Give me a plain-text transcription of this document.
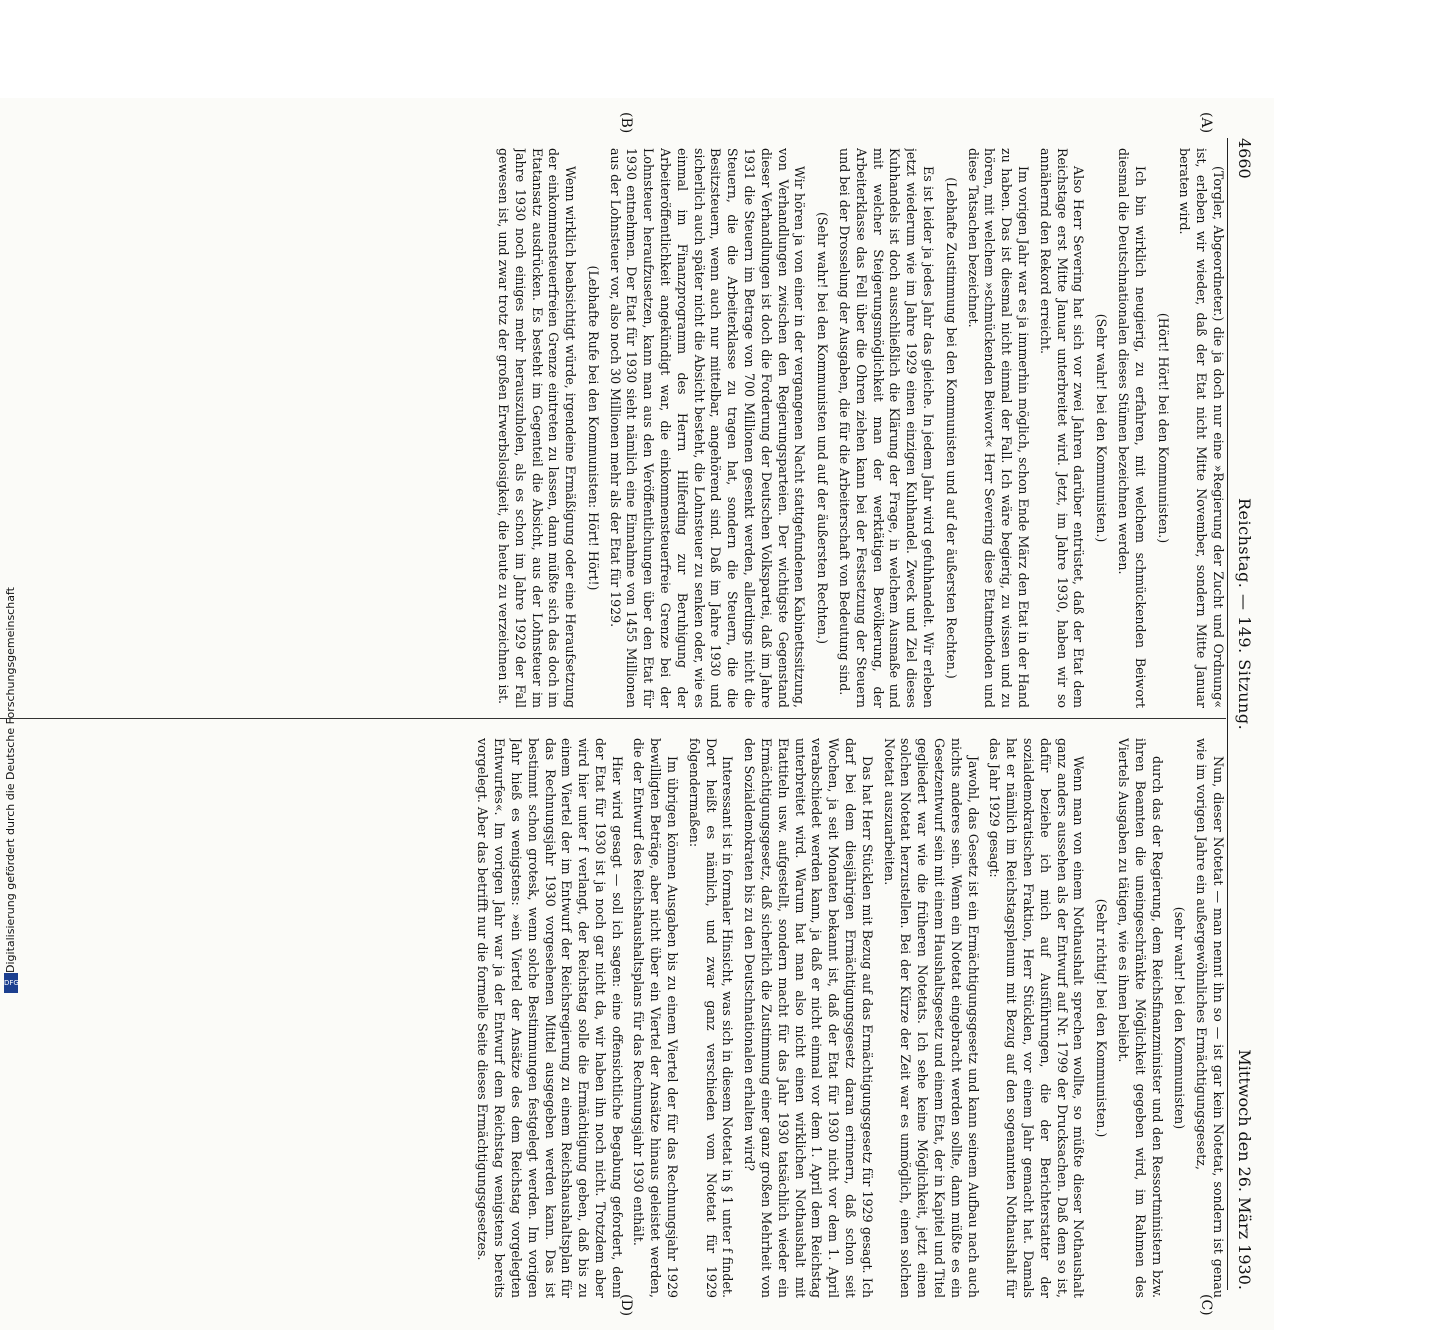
4660
Reichstag. — 149. Sitzung.
Mittwoch den 26. März 1930.
(A)
(B)
(C)
(D)

(Torgler, Abgeordneter.) die ja doch nur eine »Regierung der Zucht und Ordnung« ist, erleben wir wieder, daß der Etat nicht Mitte November, sondern Mitte Januar beraten wird.

(Hört! Hört! bei den Kommunisten.)

Ich bin wirklich neugierig, zu erfahren, mit welchem schmückenden Beiwort diesmal die Deutschnationalen dieses Stümen bezeichnen werden.

(Sehr wahr! bei den Kommunisten.)

Also Herr Severing hat sich vor zwei Jahren darüber entrüstet, daß der Etat dem Reichstage erst Mitte Januar unterbreitet wird. Jetzt, im Jahre 1930, haben wir so annähernd den Rekord erreicht.

Im vorigen Jahr war es ja immerhin möglich, schon Ende März den Etat in der Hand zu haben. Das ist diesmal nicht einmal der Fall. Ich wäre begierig, zu wissen und zu hören, mit welchem »schmückenden Beiwort« Herr Severing diese Etatmethoden und diese Tatsachen bezeichnet.

(Lebhafte Zustimmung bei den Kommunisten und auf der äußersten Rechten.)

Es ist leider ja jedes Jahr das gleiche. In jedem Jahr wird gefuhhandelt. Wir erleben jetzt wiederum wie im Jahre 1929 einen einzigen Kuhhandel. Zweck und Ziel dieses Kuhhandels ist doch ausschließlich die Klärung der Frage, in welchem Ausmaße und mit welcher Steigerungsmöglichkeit man der werktätigen Bevölkerung, der Arbeiterklasse das Fell über die Ohren ziehen kann bei der Festsetzung der Steuern und bei der Drosselung der Ausgaben, die für die Arbeiterschaft von Bedeutung sind.

(Sehr wahr! bei den Kommunisten und auf der äußersten Rechten.)

Wir hören ja von einer in der vergangenen Nacht stattgefundenen Kabinettssitzung, von Verhandlungen zwischen den Regierungsparteien. Der wichtigste Gegenstand dieser Verhandlungen ist doch die Forderung der Deutschen Volkspartei, daß im Jahre 1931 die Steuern im Betrage von 700 Millionen gesenkt werden, allerdings nicht die Steuern, die die Arbeiterklasse zu tragen hat, sondern die Steuern, die die Besitzsteuern, wenn auch nur mittelbar, angehörend sind. Daß im Jahre 1930 und sicherlich auch später nicht die Absicht besteht, die Lohnsteuer zu senken oder, wie es einmal im Finanzprogramm des Herrn Hilferding zur Beruhigung der Arbeiteröffentlichkeit angekündigt war, die einkommensteuerfreie Grenze bei der Lohnsteuer heraufzusetzen, kann man aus den Veröffentlichungen über den Etat für 1930 entnehmen. Der Etat für 1930 sieht nämlich eine Einnahme von 1455 Millionen aus der Lohnsteuer vor, also noch 30 Millionen mehr als der Etat für 1929.

(Lebhafte Rufe bei den Kommunisten: Hört! Hört!)

Wenn wirklich beabsichtigt würde, irgendeine Ermäßigung oder eine Heraufsetzung der einkommensteuerfreien Grenze eintreten zu lassen, dann müßte sich das doch im Etatansatz ausdrücken. Es besteht im Gegenteil die Absicht, aus der Lohnsteuer im Jahre 1930 noch einiges mehr herauszuholen, als es schon im Jahre 1929 der Fall gewesen ist, und zwar trotz der großen Erwerbslosigkeit, die heute zu verzeichnen ist.

Nun, dieser Notetat — man nennt ihn so — ist gar kein Notetat, sondern ist genau wie im vorigen Jahre ein außergewöhnliches Ermächtigungsgesetz,

(sehr wahr! bei den Kommunisten)

durch das der Regierung, dem Reichsfinanzminister und den Ressortministern bzw. ihren Beamten die uneingeschränkte Möglichkeit gegeben wird, im Rahmen des Viertels Ausgaben zu tätigen, wie es ihnen beliebt.

(Sehr richtig! bei den Kommunisten.)

Wenn man von einem Nothaushalt sprechen wollte, so müßte dieser Nothaushalt ganz anders aussehen als der Entwurf auf Nr. 1799 der Drucksachen. Daß dem so ist, dafür beziehe ich mich auf Ausführungen, die der Berichterstatter der sozialdemokratischen Fraktion, Herr Stücklen, vor einem Jahr gemacht hat. Damals hat er nämlich im Reichstagsplenum mit Bezug auf den sogenannten Nothaushalt für das Jahr 1929 gesagt:

Jawohl, das Gesetz ist ein Ermächtigungsgesetz und kann seinem Aufbau nach auch nichts anderes sein. Wenn ein Notetat eingebracht werden sollte, dann müßte es ein Gesetzentwurf sein mit einem Haushaltsgesetz und einem Etat, der in Kapitel und Titel gegliedert war wie die früheren Notetats. Ich sehe keine Möglichkeit, jetzt einen solchen Notetat herzustellen. Bei der Kürze der Zeit war es unmöglich, einen solchen Notetat auszuarbeiten.

Das hat Herr Stücklen mit Bezug auf das Ermächtigungsgesetz für 1929 gesagt. Ich darf bei dem diesjährigen Ermächtigungsgesetz daran erinnern, daß schon seit Wochen, ja seit Monaten bekannt ist, daß der Etat für 1930 nicht vor dem 1. April verabschiedet werden kann, ja daß er nicht einmal vor dem 1. April dem Reichstag unterbreitet wird. Warum hat man also nicht einen wirklichen Nothaushalt mit Etattiteln usw. aufgestellt, sondern macht für das Jahr 1930 tatsächlich wieder ein Ermächtigungsgesetz, daß sicherlich die Zustimmung einer ganz großen Mehrheit von den Sozialdemokraten bis zu den Deutschnationalen erhalten wird?

Interessant ist in formaler Hinsicht, was sich in diesem Notetat in § 1 unter f findet. Dort heißt es nämlich, und zwar ganz verschieden vom Notetat für 1929 folgendermaßen:

Im übrigen können Ausgaben bis zu einem Viertel der für das Rechnungsjahr 1929 bewilligten Beträge, aber nicht über ein Viertel der Ansätze hinaus geleistet werden, die der Entwurf des Reichshaushaltsplans für das Rechnungsjahr 1930 enthält.

Hier wird gesagt — soll ich sagen: eine offensichtliche Begabung gefordert, denn der Etat für 1930 ist ja noch gar nicht da, wir haben ihn noch nicht. Trotzdem aber wird hier unter f verlangt, der Reichstag solle die Ermächtigung geben, daß bis zu einem Viertel der im Entwurf der Reichsregierung zu einem Reichshaushaltsplan für das Rechnungsjahr 1930 vorgesehenen Mittel ausgegeben werden kann. Das ist bestimmt schon grotesk, wenn solche Bestimmungen festgelegt werden. Im vorigen Jahr hieß es wenigstens: »ein Viertel der Ansätze des dem Reichstag vorgelegten Entwurfes«. Im vorigen Jahr war ja der Entwurf dem Reichstag wenigstens bereits vorgelegt. Aber das betrifft nur die formelle Seite dieses Ermächtigungsgesetzes.

Digitalisierung gefördert durch die Deutsche Forschungsgemeinschaft
DFG
